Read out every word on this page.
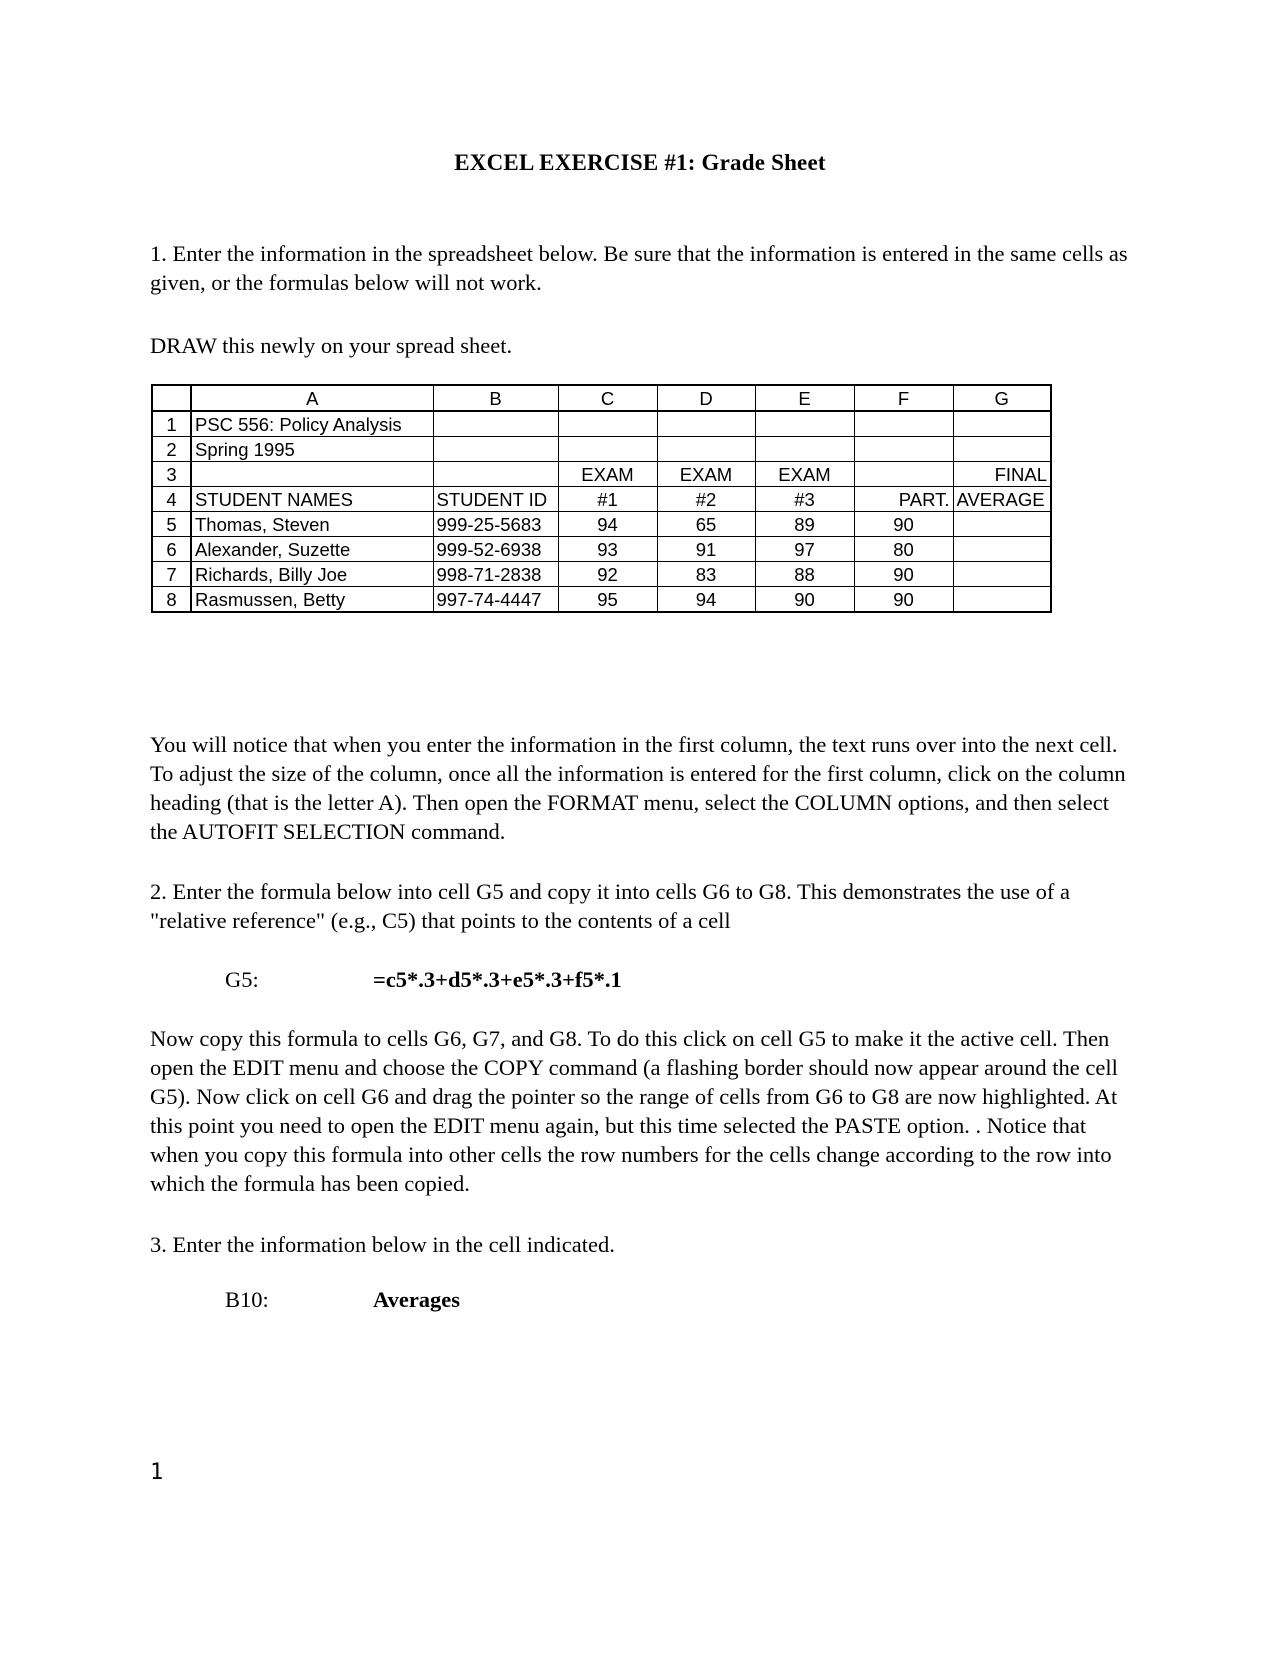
EXCEL EXERCISE #1: Grade Sheet

1. Enter the information in the spreadsheet below. Be sure that the information is entered in the same cells as given, or the formulas below will not work.

DRAW this newly on your spread sheet.

	A	B	C	D	E	F	G
1	PSC 556: Policy Analysis						
2	Spring 1995						
3			EXAM	EXAM	EXAM		FINAL
4	STUDENT NAMES	STUDENT ID	#1	#2	#3	PART.	AVERAGE
5	Thomas, Steven	999-25-5683	94	65	89	90	
6	Alexander, Suzette	999-52-6938	93	91	97	80	
7	Richards, Billy Joe	998-71-2838	92	83	88	90	
8	Rasmussen, Betty	997-74-4447	95	94	90	90	

You will notice that when you enter the information in the first column, the text runs over into the next cell. To adjust the size of the column, once all the information is entered for the first column, click on the column heading (that is the letter A). Then open the FORMAT menu, select the COLUMN options, and then select the AUTOFIT SELECTION command.

2. Enter the formula below into cell G5 and copy it into cells G6 to G8. This demonstrates the use of a "relative reference" (e.g., C5) that points to the contents of a cell

G5:	=c5*.3+d5*.3+e5*.3+f5*.1

Now copy this formula to cells G6, G7, and G8. To do this click on cell G5 to make it the active cell. Then open the EDIT menu and choose the COPY command (a flashing border should now appear around the cell G5). Now click on cell G6 and drag the pointer so the range of cells from G6 to G8 are now highlighted. At this point you need to open the EDIT menu again, but this time selected the PASTE option. . Notice that when you copy this formula into other cells the row numbers for the cells change according to the row into which the formula has been copied.

3. Enter the information below in the cell indicated.

B10:	Averages
1
